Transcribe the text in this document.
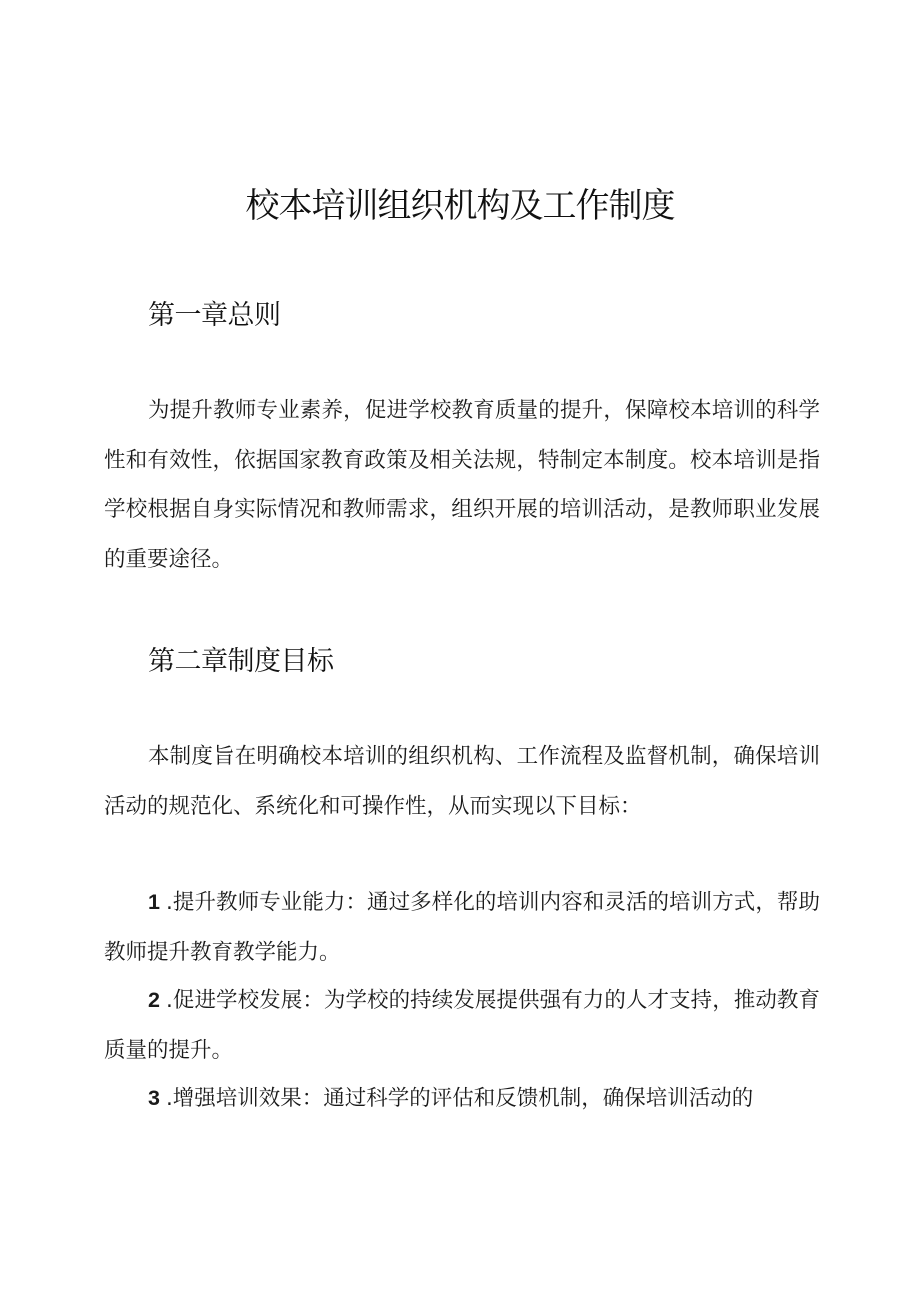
校本培训组织机构及工作制度
第一章总则

为提升教师专业素养，促进学校教育质量的提升，保障校本培训的科学性和有效性，依据国家教育政策及相关法规，特制定本制度。校本培训是指学校根据自身实际情况和教师需求，组织开展的培训活动，是教师职业发展的重要途径。

第二章制度目标

本制度旨在明确校本培训的组织机构、工作流程及监督机制，确保培训活动的规范化、系统化和可操作性，从而实现以下目标：

1 .提升教师专业能力：通过多样化的培训内容和灵活的培训方式，帮助教师提升教育教学能力。

2 .促进学校发展：为学校的持续发展提供强有力的人才支持，推动教育质量的提升。

3 .增强培训效果：通过科学的评估和反馈机制，确保培训活动的
